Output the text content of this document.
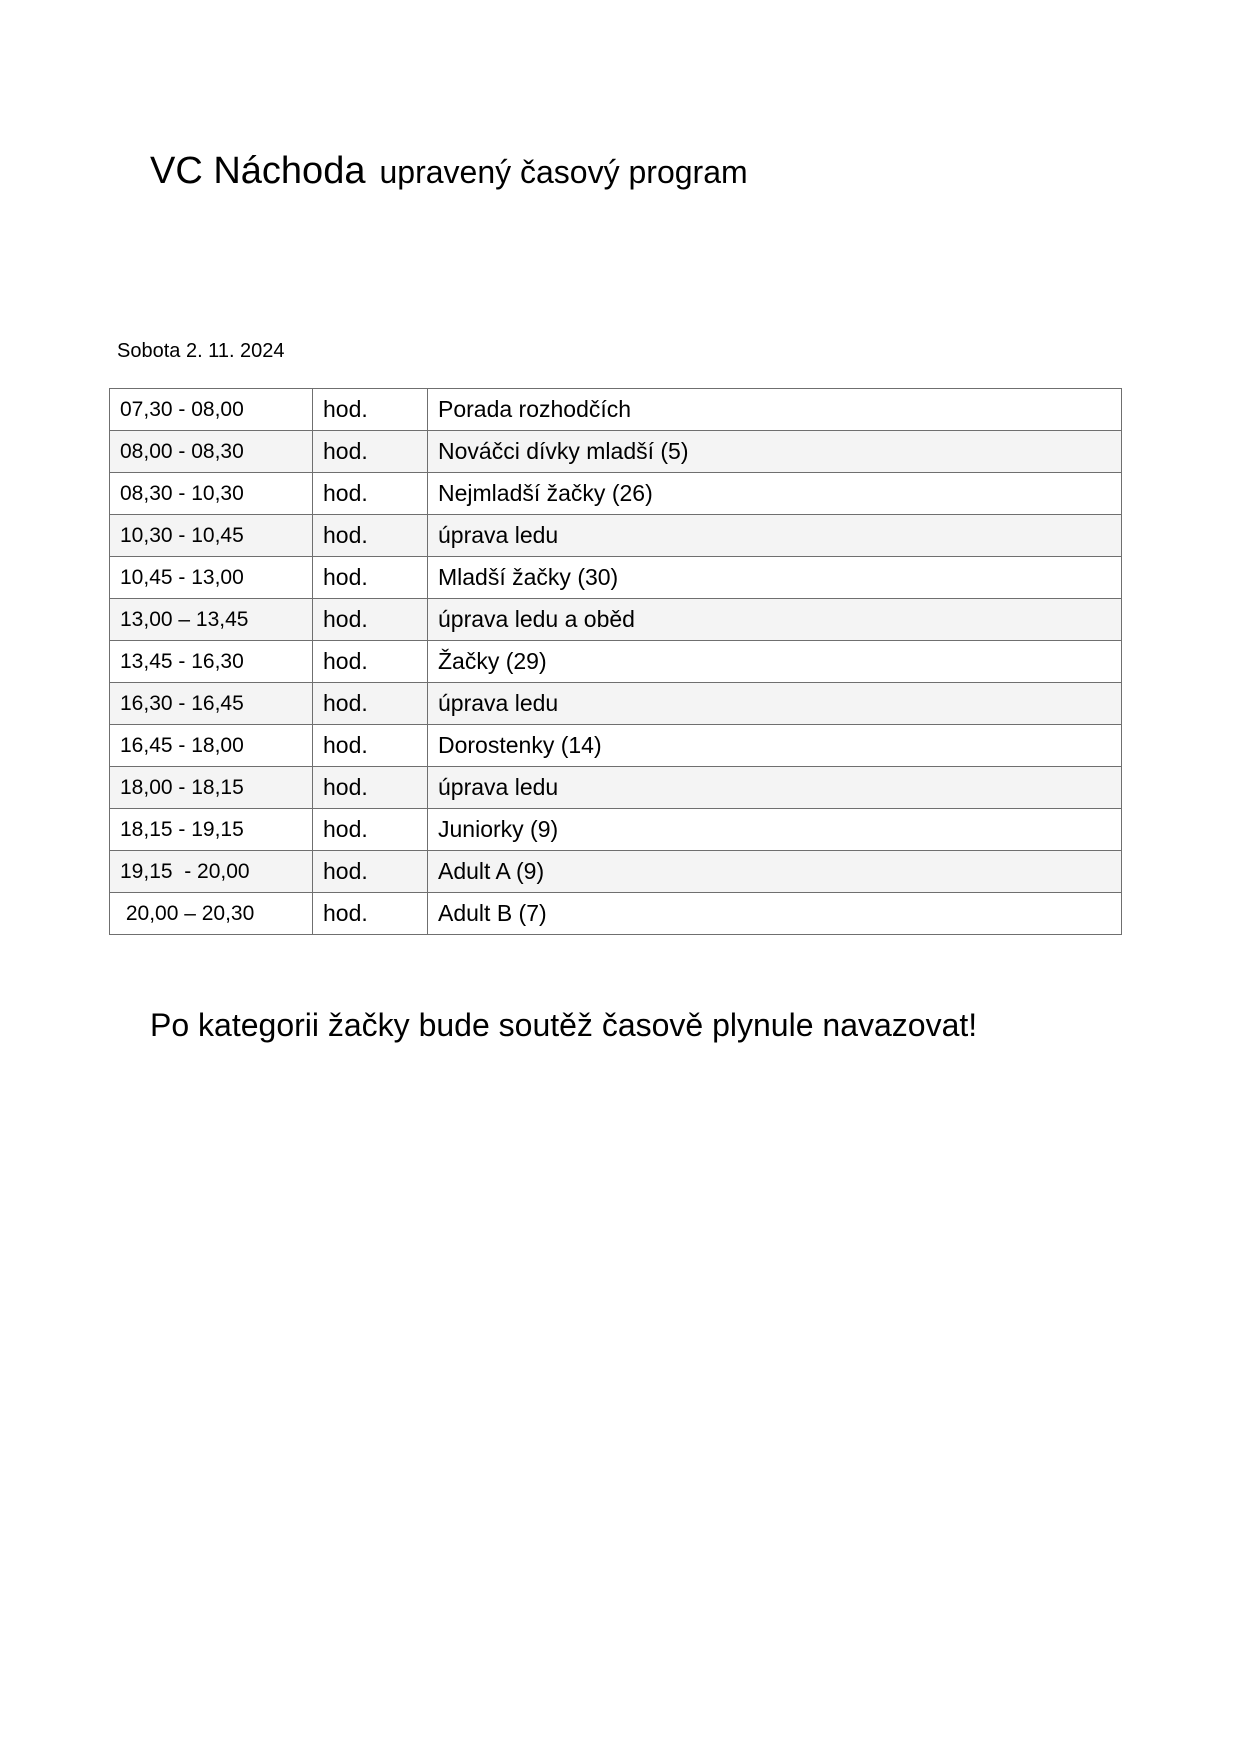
VC Náchoda upravený časový program
Sobota 2. 11. 2024
07,30 - 08,00	hod.	Porada rozhodčích
08,00 - 08,30	hod.	Nováčci dívky mladší (5)
08,30 - 10,30	hod.	Nejmladší žačky (26)
10,30 - 10,45	hod.	úprava ledu
10,45 - 13,00	hod.	Mladší žačky (30)
13,00 – 13,45	hod.	úprava ledu a oběd
13,45 - 16,30	hod.	Žačky (29)
16,30 - 16,45	hod.	úprava ledu
16,45 - 18,00	hod.	Dorostenky (14)
18,00 - 18,15	hod.	úprava ledu
18,15 - 19,15	hod.	Juniorky (9)
19,15  - 20,00	hod.	Adult A (9)
20,00 – 20,30	hod.	Adult B (7)
Po kategorii žačky bude soutěž časově plynule navazovat!
